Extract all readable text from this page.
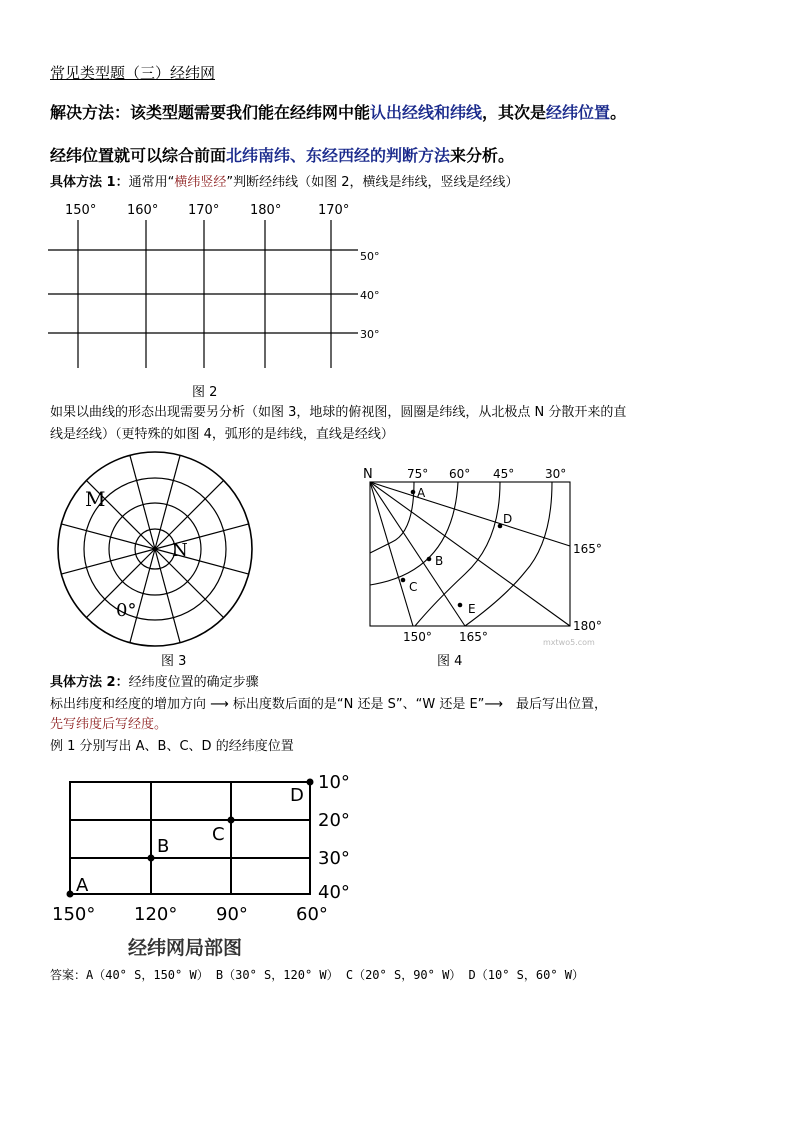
常见类型题（三）经纬网
解决方法：该类型题需要我们能在经纬网中能认出经线和纬线，其次是经纬位置。
经纬位置就可以综合前面北纬南纬、东经西经的判断方法来分析。
具体方法 1：通常用“横纬竖经”判断经纬线（如图 2，横线是纬线，竖线是经线）
150° 160° 170° 180°	170°
50°
40°
30°
图 2
如果以曲线的形态出现需要另分析（如图 3，地球的俯视图，圆圈是纬线，从北极点 N 分散开来的直
线是经线）（更特殊的如图 4，弧形的是纬线，直线是经线）
M
N
0°
图 3
N	75° 60° 45°	30°
A
B
C
D
E
165°
180°
150° 165°	mxtwo5.com
图 4
具体方法 2：经纬度位置的确定步骤
标出纬度和经度的增加方向 ⟶ 标出度数后面的是“N 还是 S”、“W 还是 E”⟶　最后写出位置，
先写纬度后写经度。
例 1 分别写出 A、B、C、D 的经纬度位置
A
B
C
D
10°
20°
30°
40°
150° 120° 90°	60°
经纬网局部图
答案：A（40° S，150° W） B（30° S，120° W） C（20° S，90° W） D（10° S，60° W）
